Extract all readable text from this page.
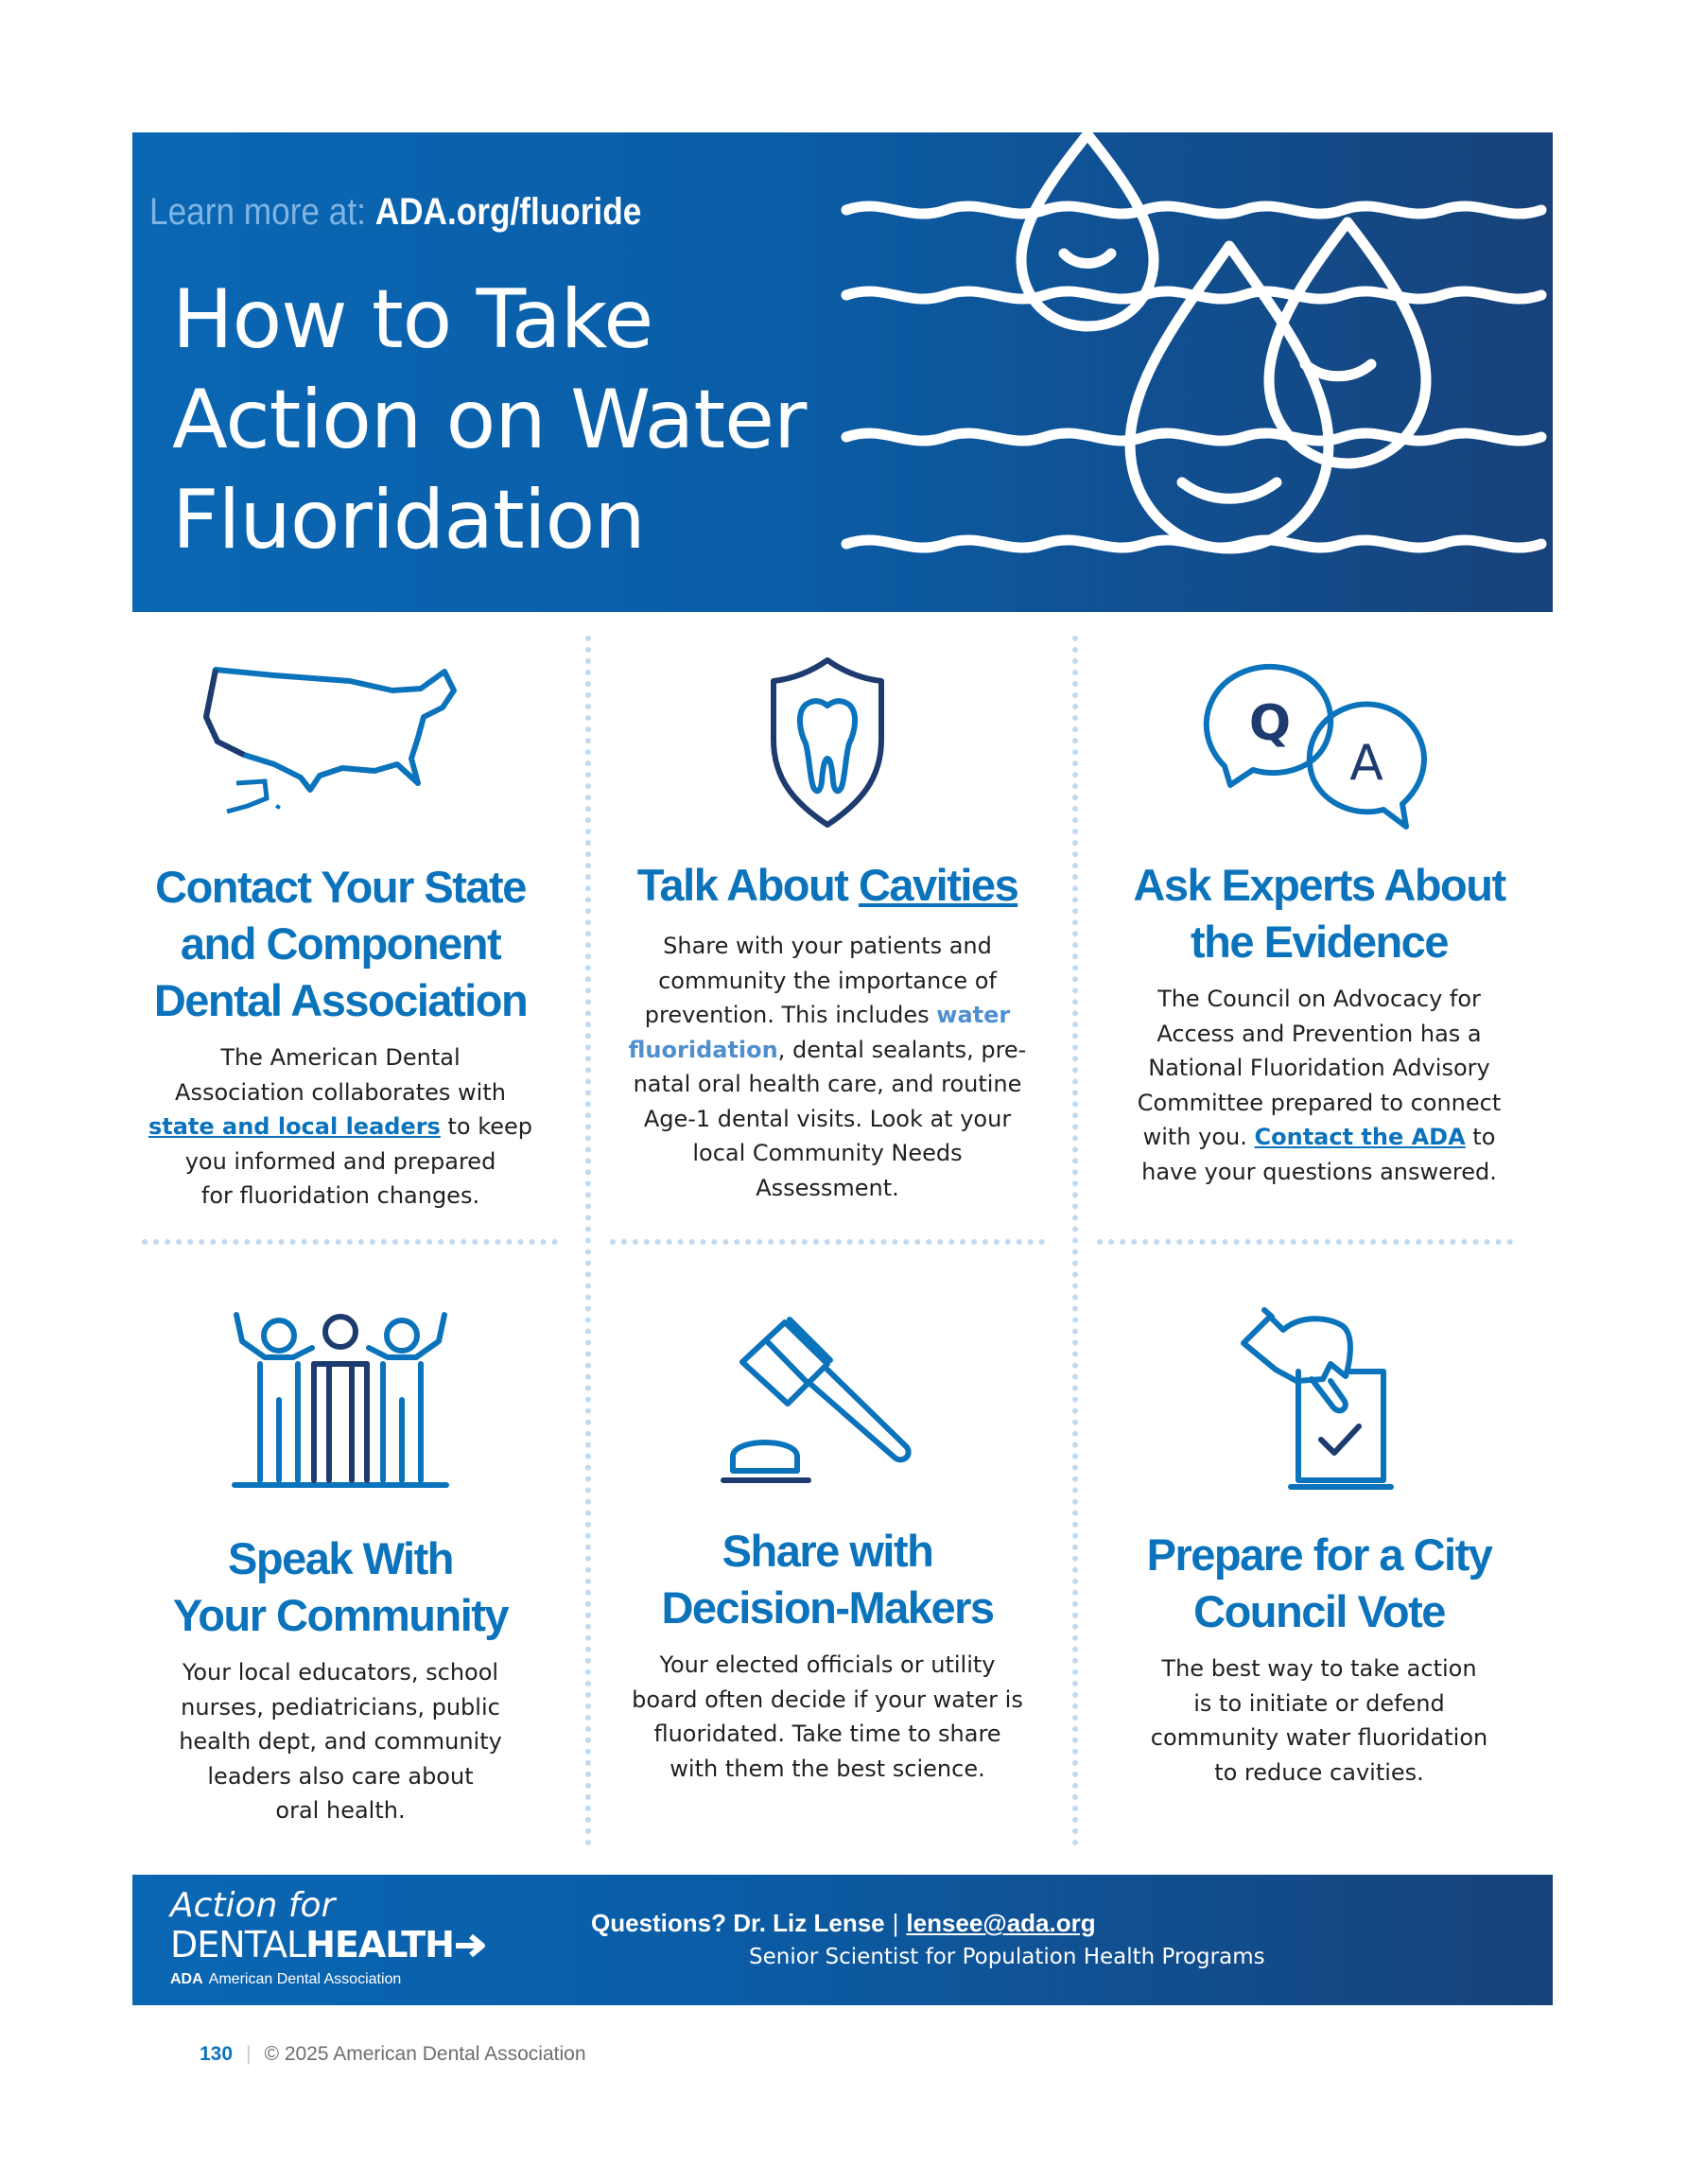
Learn more at: ADA.org/fluoride
How to Take
Action on Water
Fluoridation
Contact Your State
and Component
Dental Association

The American Dental
Association collaborates with
state and local leaders to keep
you informed and prepared
for fluoridation changes.

Talk About Cavities

Share with your patients and
community the importance of
prevention. This includes water
fluoridation, dental sealants, pre-
natal oral health care, and routine
Age-1 dental visits. Look at your
local Community Needs
Assessment.

Q
A
Ask Experts About
the Evidence

The Council on Advocacy for
Access and Prevention has a
National Fluoridation Advisory
Committee prepared to connect
with you. Contact the ADA to
have your questions answered.

Speak With
Your Community

Your local educators, school
nurses, pediatricians, public
health dept, and community
leaders also care about
oral health.

Share with
Decision-Makers

Your elected officials or utility
board often decide if your water is
fluoridated. Take time to share
with them the best science.

Prepare for a City
Council Vote

The best way to take action
is to initiate or defend
community water fluoridation
to reduce cavities.

Action for
DENTALHEALTH
ADA American Dental Association
Questions? Dr. Liz Lense | lensee@ada.org
Senior Scientist for Population Health Programs
130 | © 2025 American Dental Association
